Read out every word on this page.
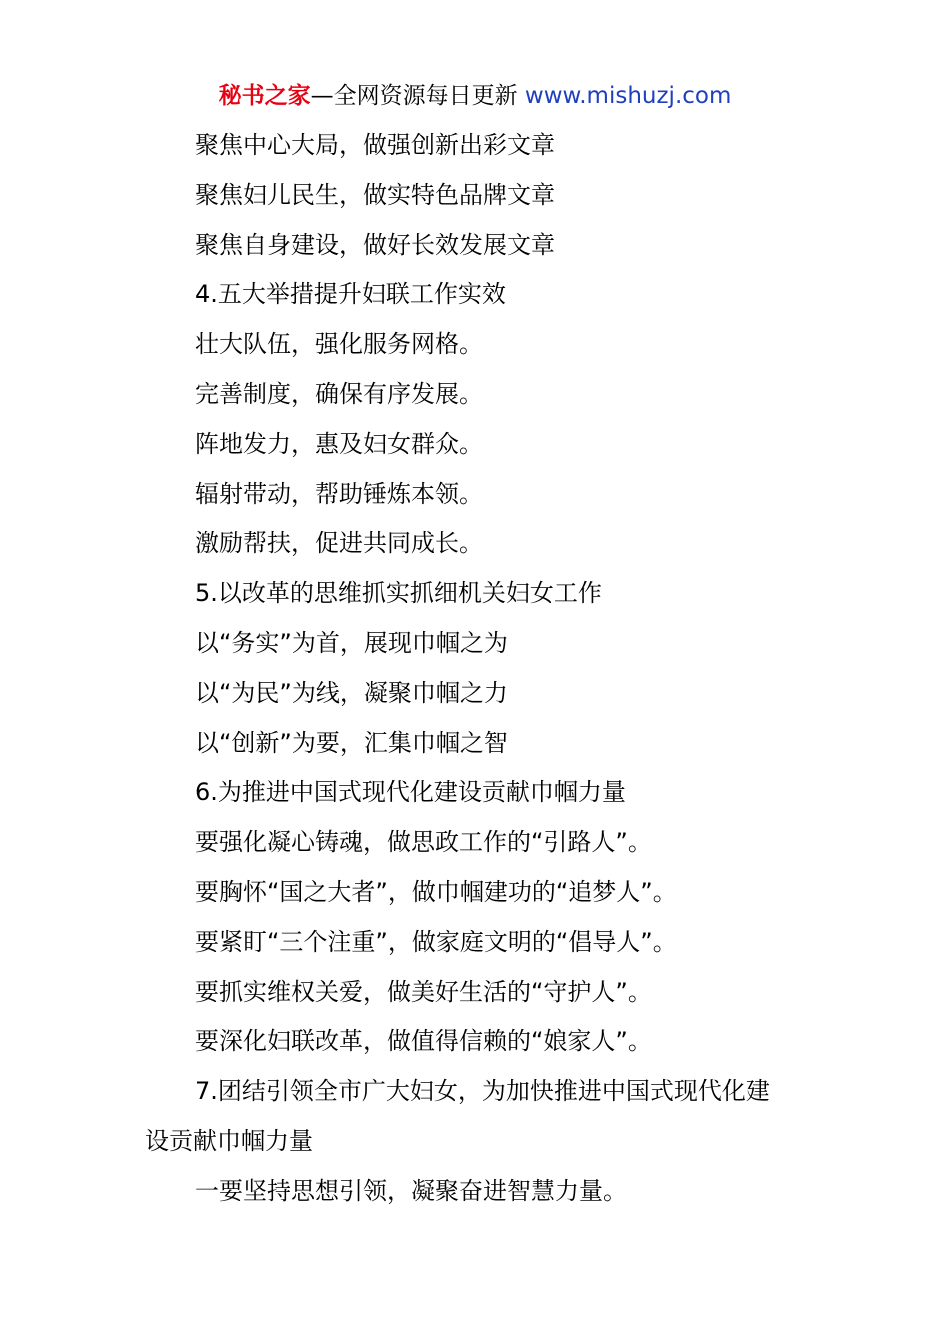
秘书之家—全网资源每日更新 www.mishuzj.com
聚焦中心大局，做强创新出彩文章
聚焦妇儿民生，做实特色品牌文章
聚焦自身建设，做好长效发展文章
4.五大举措提升妇联工作实效
壮大队伍，强化服务网格。
完善制度，确保有序发展。
阵地发力，惠及妇女群众。
辐射带动，帮助锤炼本领。
激励帮扶，促进共同成长。
5.以改革的思维抓实抓细机关妇女工作
以“务实”为首，展现巾帼之为
以“为民”为线，凝聚巾帼之力
以“创新”为要，汇集巾帼之智
6.为推进中国式现代化建设贡献巾帼力量
要强化凝心铸魂，做思政工作的“引路人”。
要胸怀“国之大者”，做巾帼建功的“追梦人”。
要紧盯“三个注重”，做家庭文明的“倡导人”。
要抓实维权关爱，做美好生活的“守护人”。
要深化妇联改革，做值得信赖的“娘家人”。
7.团结引领全市广大妇女，为加快推进中国式现代化建
设贡献巾帼力量
一要坚持思想引领，凝聚奋进智慧力量。
